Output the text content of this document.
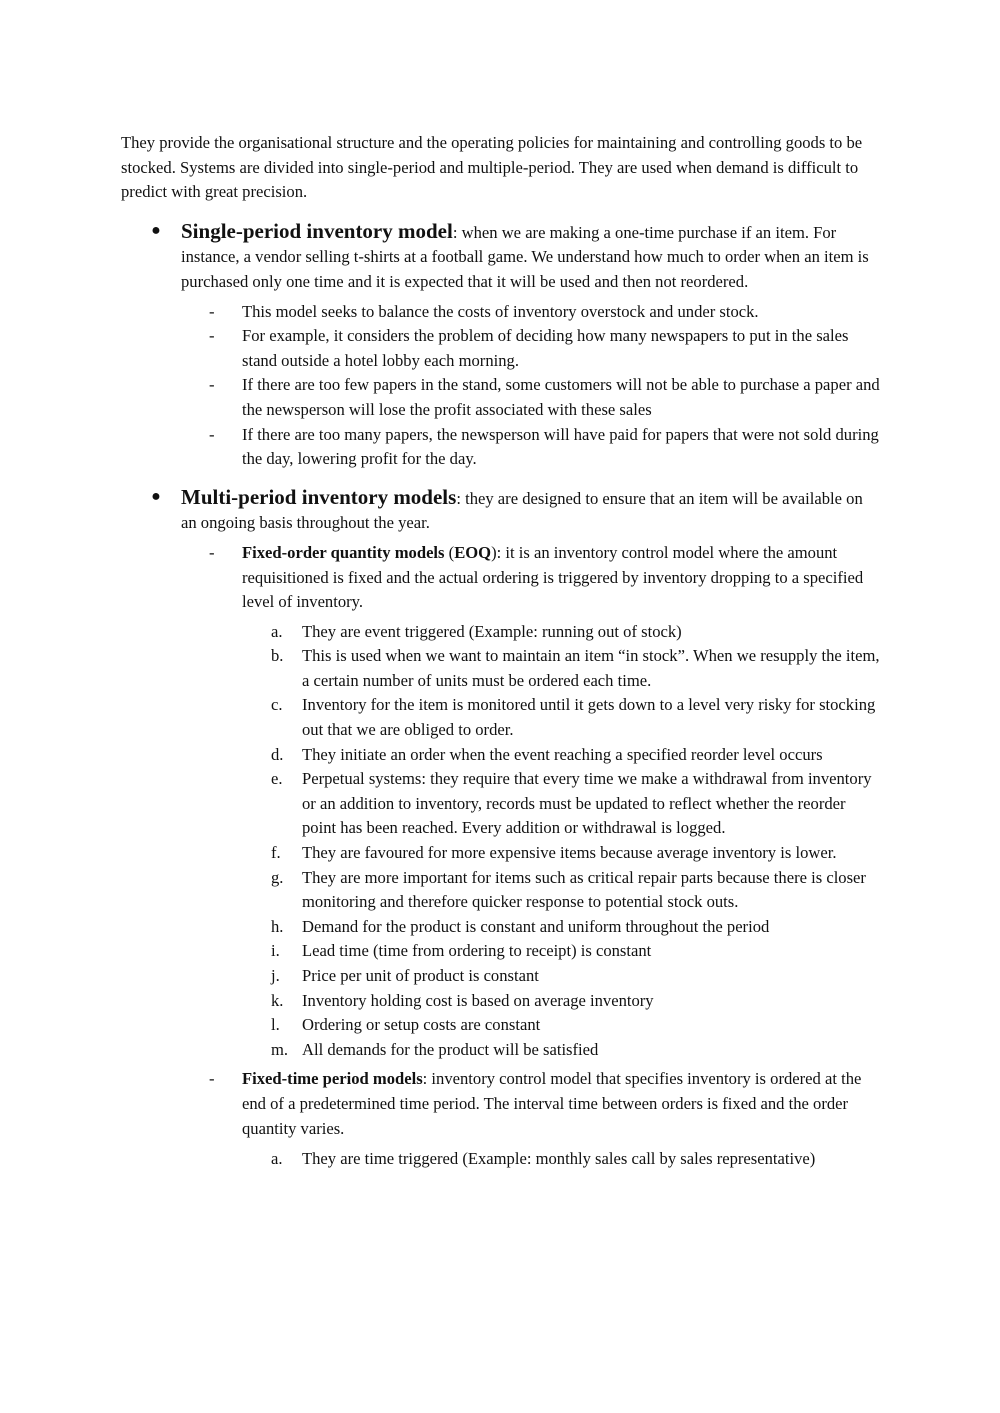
They provide the organisational structure and the operating policies for maintaining and controlling goods to be stocked. Systems are divided into single-period and multiple-period. They are used when demand is difficult to predict with great precision.

● Single-period inventory model: when we are making a one-time purchase if an item. For instance, a vendor selling t-shirts at a football game. We understand how much to order when an item is purchased only one time and it is expected that it will be used and then not reordered.
- This model seeks to balance the costs of inventory overstock and under stock.
- For example, it considers the problem of deciding how many newspapers to put in the sales stand outside a hotel lobby each morning.
- If there are too few papers in the stand, some customers will not be able to purchase a paper and the newsperson will lose the profit associated with these sales
- If there are too many papers, the newsperson will have paid for papers that were not sold during the day, lowering profit for the day.
● Multi-period inventory models: they are designed to ensure that an item will be available on an ongoing basis throughout the year.
- Fixed-order quantity models (EOQ): it is an inventory control model where the amount requisitioned is fixed and the actual ordering is triggered by inventory dropping to a specified level of inventory.
a. They are event triggered (Example: running out of stock)
b. This is used when we want to maintain an item “in stock”. When we resupply the item, a certain number of units must be ordered each time.
c. Inventory for the item is monitored until it gets down to a level very risky for stocking out that we are obliged to order.
d. They initiate an order when the event reaching a specified reorder level occurs
e. Perpetual systems: they require that every time we make a withdrawal from inventory or an addition to inventory, records must be updated to reflect whether the reorder point has been reached. Every addition or withdrawal is logged.
f. They are favoured for more expensive items because average inventory is lower.
g. They are more important for items such as critical repair parts because there is closer monitoring and therefore quicker response to potential stock outs.
h. Demand for the product is constant and uniform throughout the period
i. Lead time (time from ordering to receipt) is constant
j. Price per unit of product is constant
k. Inventory holding cost is based on average inventory
l. Ordering or setup costs are constant
m. All demands for the product will be satisfied
- Fixed-time period models: inventory control model that specifies inventory is ordered at the end of a predetermined time period. The interval time between orders is fixed and the order quantity varies.
a. They are time triggered (Example: monthly sales call by sales representative)
